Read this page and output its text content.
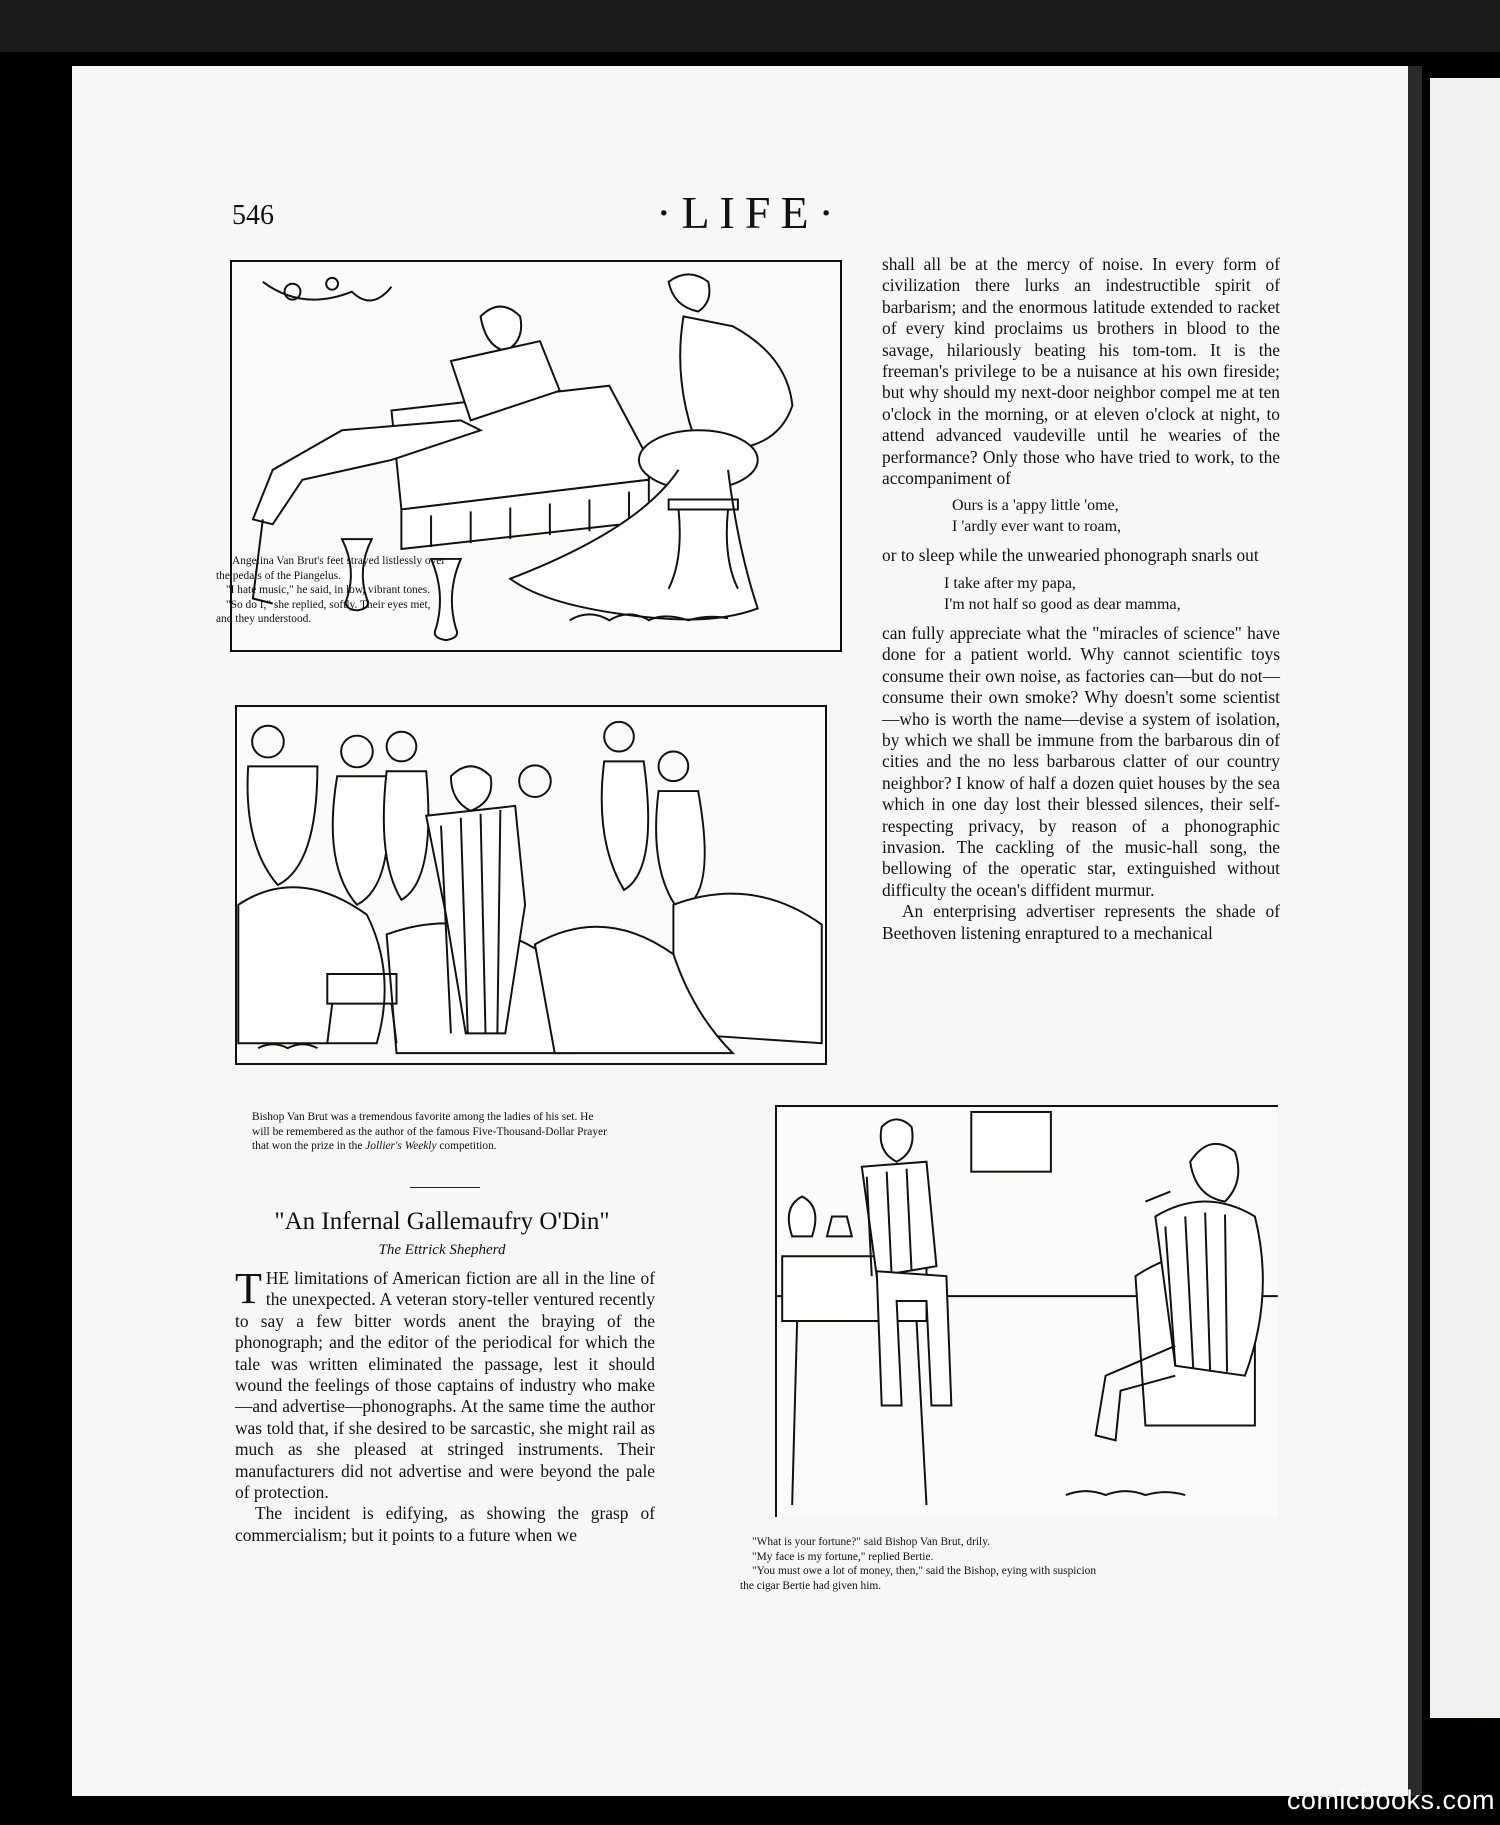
546	·LIFE·
Angelina Van Brut's feet strayed listlessly over
the pedals of the Piangelus.
"I hate music," he said, in low, vibrant tones.
"So do I," she replied, softly. Their eyes met,
and they understood.
Bishop Van Brut was a tremendous favorite among the ladies of his set. He
will be remembered as the author of the famous Five-Thousand-Dollar Prayer
that won the prize in the Jollier's Weekly competition.
"What is your fortune?" said Bishop Van Brut, drily.
"My face is my fortune," replied Bertie.
"You must owe a lot of money, then," said the Bishop, eying with suspicion
the cigar Bertie had given him.

shall all be at the mercy of noise. In every form of civilization there lurks an indestructible spirit of barbarism; and the enormous latitude extended to racket of every kind proclaims us brothers in blood to the savage, hilariously beating his tom-tom. It is the freeman's privilege to be a nuisance at his own fireside; but why should my next-door neighbor compel me at ten o'clock in the morning, or at eleven o'clock at night, to attend advanced vaudeville until he wearies of the performance? Only those who have tried to work, to the accompaniment of

Ours is a 'appy little 'ome,
I 'ardly ever want to roam,

or to sleep while the unwearied phonograph snarls out

I take after my papa,
I'm not half so good as dear mamma,

can fully appreciate what the "miracles of science" have done for a patient world. Why cannot scientific toys consume their own noise, as factories can—but do not—consume their own smoke? Why doesn't some scientist—who is worth the name—devise a system of isolation, by which we shall be immune from the barbarous din of cities and the no less barbarous clatter of our country neighbor? I know of half a dozen quiet houses by the sea which in one day lost their blessed silences, their self-respecting privacy, by reason of a phonographic invasion. The cackling of the music-hall song, the bellowing of the operatic star, extinguished without difficulty the ocean's diffident murmur.

An enterprising advertiser represents the shade of Beethoven listening enraptured to a mechanical

"An Infernal Gallemaufry O'Din"
The Ettrick Shepherd

THE limitations of American fiction are all in the line of the unexpected. A veteran story-teller ventured recently to say a few bitter words anent the braying of the phonograph; and the editor of the periodical for which the tale was written eliminated the passage, lest it should wound the feelings of those captains of industry who make—and advertise—phonographs. At the same time the author was told that, if she desired to be sarcastic, she might rail as much as she pleased at stringed instruments. Their manufacturers did not advertise and were beyond the pale of protection.

The incident is edifying, as showing the grasp of commercialism; but it points to a future when we

comicbooks.com
